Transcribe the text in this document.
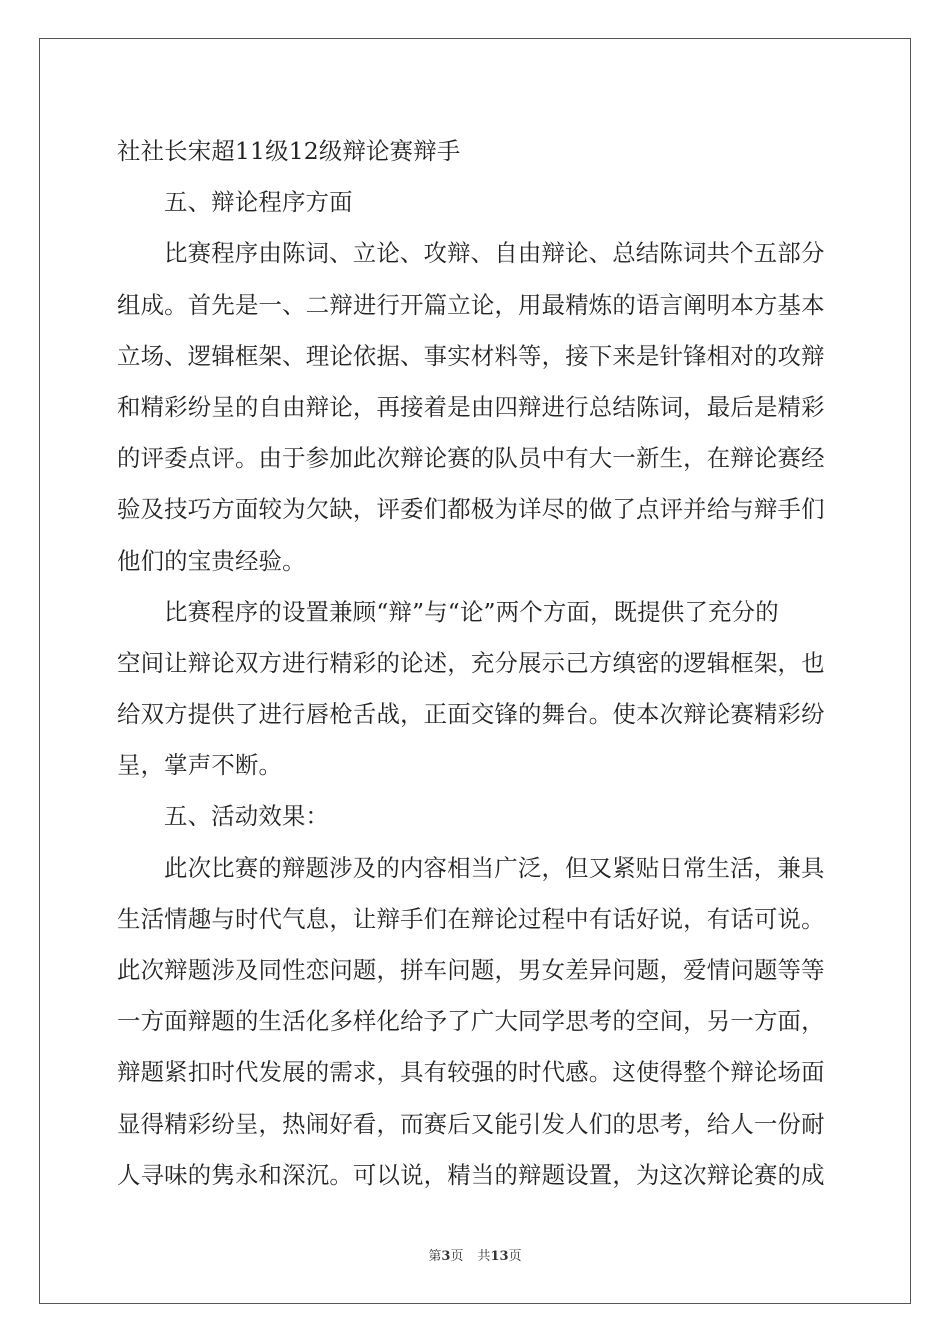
社社长宋超11级12级辩论赛辩手
五、辩论程序方面
比赛程序由陈词、立论、攻辩、自由辩论、总结陈词共个五部分
组成。首先是一、二辩进行开篇立论，用最精炼的语言阐明本方基本
立场、逻辑框架、理论依据、事实材料等，接下来是针锋相对的攻辩
和精彩纷呈的自由辩论，再接着是由四辩进行总结陈词，最后是精彩
的评委点评。由于参加此次辩论赛的队员中有大一新生，在辩论赛经
验及技巧方面较为欠缺，评委们都极为详尽的做了点评并给与辩手们
他们的宝贵经验。
比赛程序的设置兼顾“辩”与“论”两个方面，既提供了充分的
空间让辩论双方进行精彩的论述，充分展示己方缜密的逻辑框架，也
给双方提供了进行唇枪舌战，正面交锋的舞台。使本次辩论赛精彩纷
呈，掌声不断。
五、活动效果：
此次比赛的辩题涉及的内容相当广泛，但又紧贴日常生活，兼具
生活情趣与时代气息，让辩手们在辩论过程中有话好说，有话可说。
此次辩题涉及同性恋问题，拼车问题，男女差异问题，爱情问题等等
一方面辩题的生活化多样化给予了广大同学思考的空间，另一方面，
辩题紧扣时代发展的需求，具有较强的时代感。这使得整个辩论场面
显得精彩纷呈，热闹好看，而赛后又能引发人们的思考，给人一份耐
人寻味的隽永和深沉。可以说，精当的辩题设置，为这次辩论赛的成
第3页 共13页
